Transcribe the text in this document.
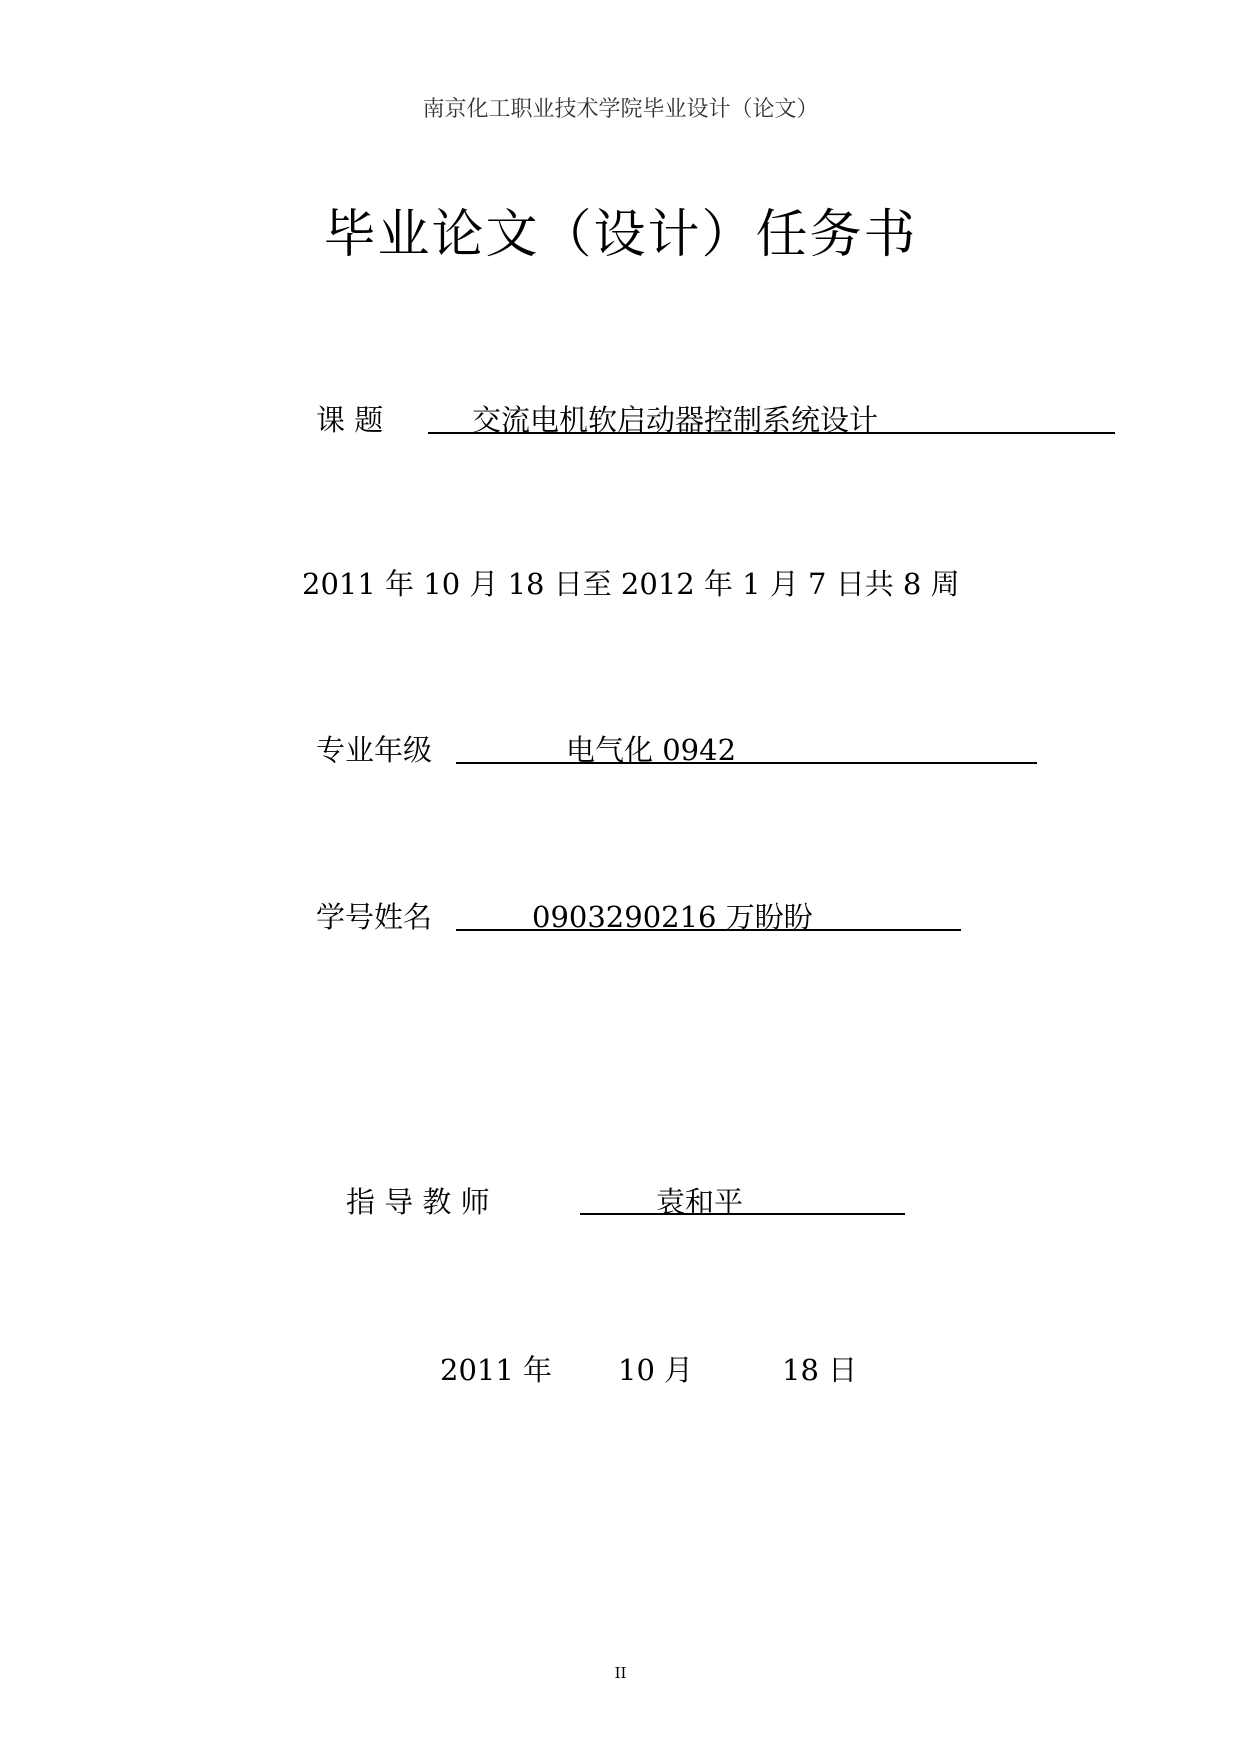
南京化工职业技术学院毕业设计（论文）
毕业论文（设计）任务书
课 题	交流电机软启动器控制系统设计
2011 年 10 月 18 日至 2012 年 1 月 7 日共 8 周
专业年级	电气化 0942
学号姓名	0903290216 万盼盼
指 导 教 师	袁和平
2011 年 10 月	18 日
II
